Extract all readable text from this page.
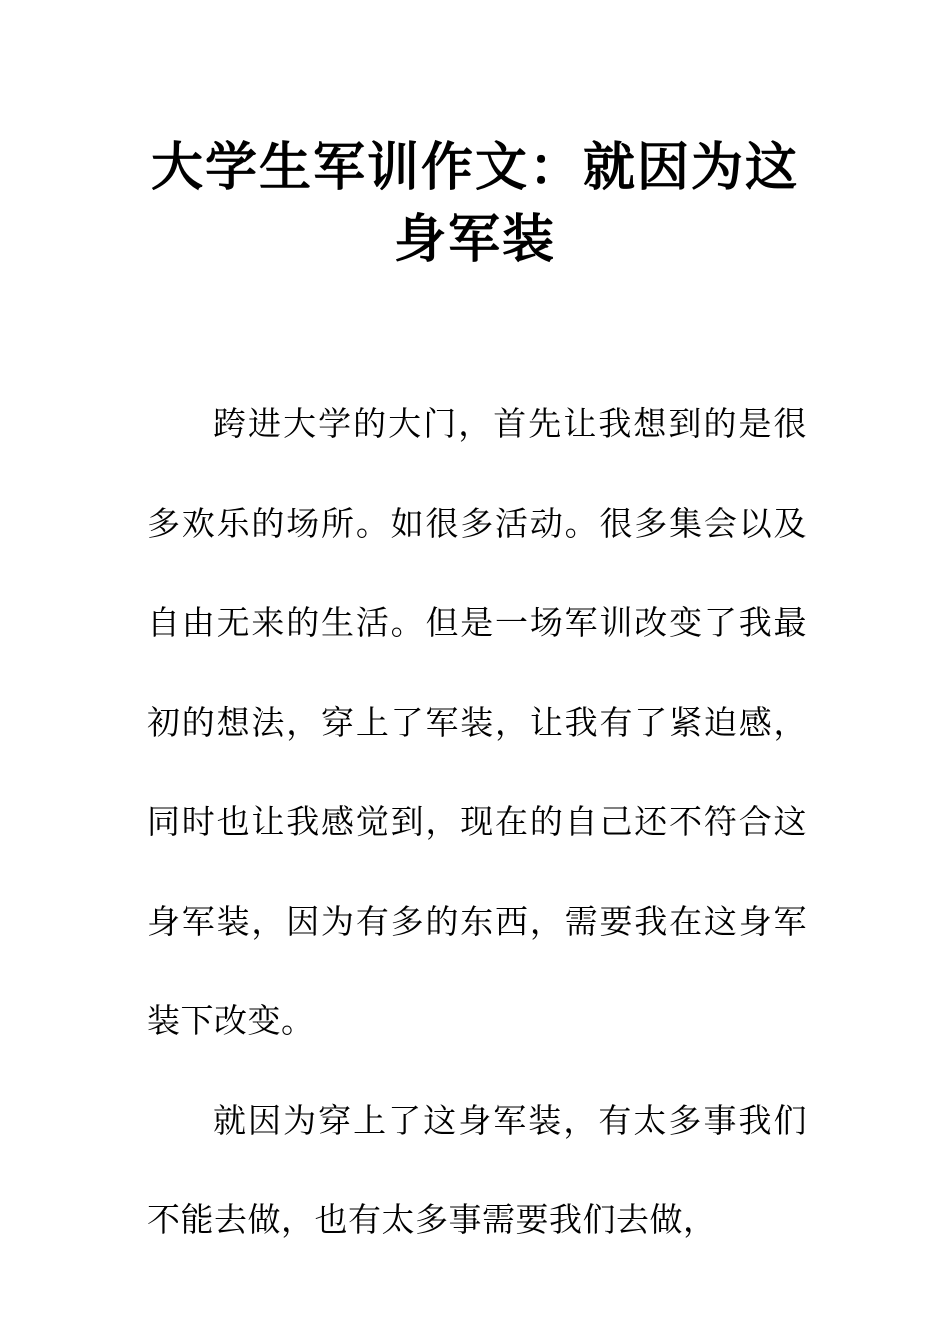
大学生军训作文：就因为这身军装

跨进大学的大门，首先让我想到的是很多欢乐的场所。如很多活动。很多集会以及自由无来的生活。但是一场军训改变了我最初的想法，穿上了军装，让我有了紧迫感，同时也让我感觉到，现在的自己还不符合这身军装，因为有多的东西，需要我在这身军装下改变。

就因为穿上了这身军装，有太多事我们不能去做，也有太多事需要我们去做，
